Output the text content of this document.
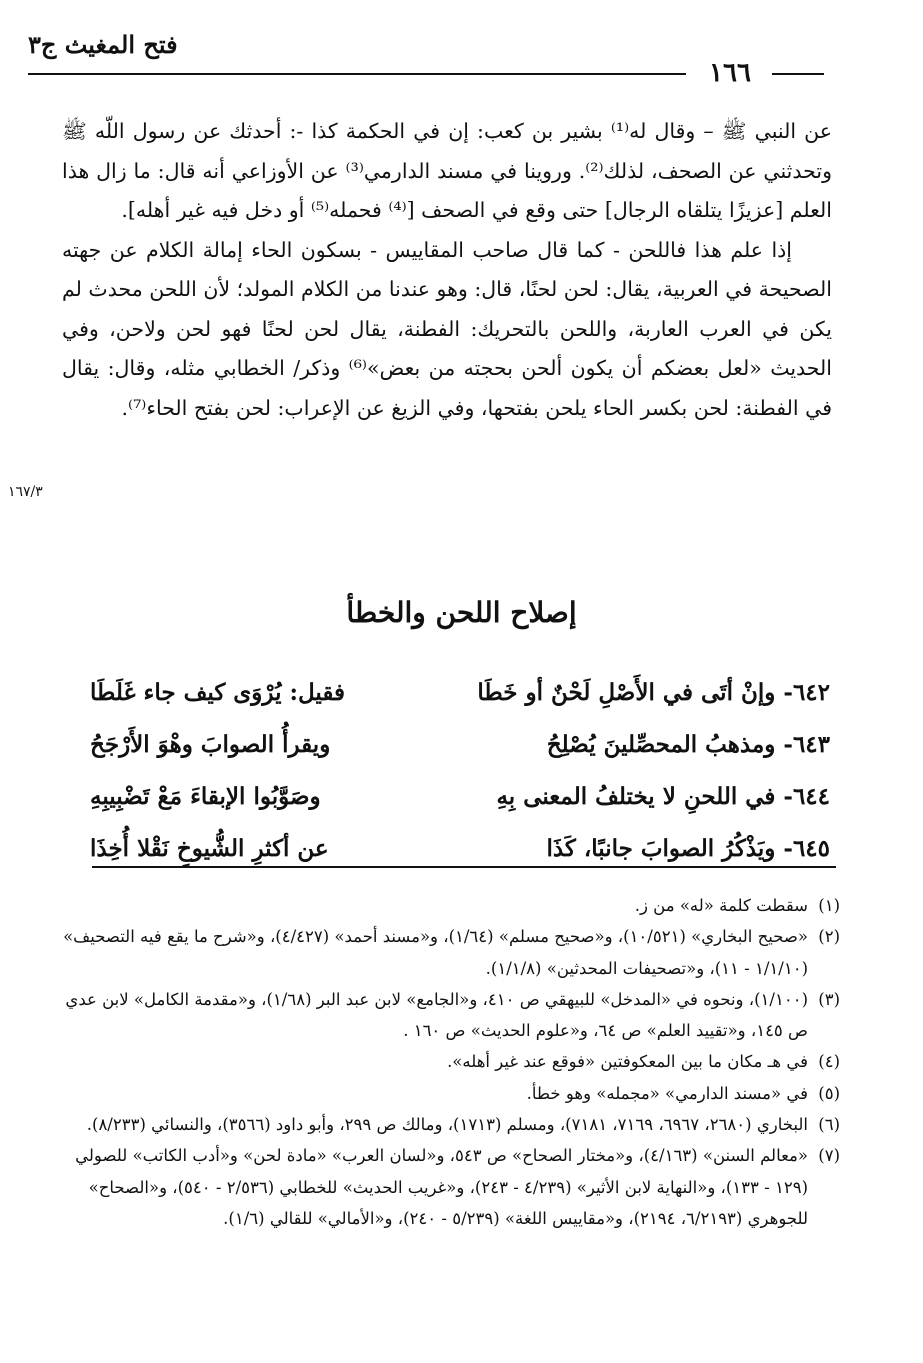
فتح المغيث ج٣
١٦٦

عن النبي ﷺ – وقال له⁽¹⁾ بشير بن كعب: إن في الحكمة كذا -: أحدثك عن رسول اللّه ﷺ وتحدثني عن الصحف، لذلك⁽²⁾. وروينا في مسند الدارمي⁽³⁾ عن الأوزاعي أنه قال: ما زال هذا العلم [عزيزًا يتلقاه الرجال] حتى وقع في الصحف [⁽⁴⁾ فحمله⁽⁵⁾ أو دخل فيه غير أهله].

إذا علم هذا فاللحن - كما قال صاحب المقاييس - بسكون الحاء إمالة الكلام عن جهته الصحيحة في العربية، يقال: لحن لحنًا، قال: وهو عندنا من الكلام المولد؛ لأن اللحن محدث لم يكن في العرب العاربة، واللحن بالتحريك: الفطنة، يقال لحن لحنًا فهو لحن ولاحن، وفي الحديث «لعل بعضكم أن يكون ألحن بحجته من بعض»⁽⁶⁾ وذكر/ الخطابي مثله، وقال: يقال في الفطنة: لحن بكسر الحاء يلحن بفتحها، وفي الزيغ عن الإعراب: لحن بفتح الحاء⁽⁷⁾.

١٦٧/٣
إصلاح اللحن والخطأ
٦٤٢- وإنْ أتَى في الأَصْلِ لَحْنٌ أو خَطَا
فقيل: يُرْوَى كيف جاء غَلَطَا
٦٤٣- ومذهبُ المحصِّلينَ يُصْلِحُ
ويقرأُ الصوابَ وهْوَ الأَرْجَحُ
٦٤٤- في اللحنِ لا يختلفُ المعنى بِهِ
وصَوَّبُوا الإبقاءَ مَعْ تَضْبِيبِهِ
٦٤٥- ويَذْكُرُ الصوابَ جانبًا، كَذَا
عن أكثرِ الشُّيوخِ نَقْلا أُخِذَا
(١)
سقطت كلمة «له» من ز.
(٢)
«صحيح البخاري» (١٠/٥٢١)، و«صحيح مسلم» (١/٦٤)، و«مسند أحمد» (٤/٤٢٧)، و«شرح ما يقع فيه التصحيف» (١/١/١٠ - ١١)، و«تصحيفات المحدثين» (١/١/٨).
(٣)
(١/١٠٠)، ونحوه في «المدخل» للبيهقي ص ٤١٠، و«الجامع» لابن عبد البر (١/٦٨)، و«مقدمة الكامل» لابن عدي ص ١٤٥، و«تقييد العلم» ص ٦٤، و«علوم الحديث» ص ١٦٠ .
(٤)
في هـ مكان ما بين المعكوفتين «فوقع عند غير أهله».
(٥)
في «مسند الدارمي» «مجمله» وهو خطأ.
(٦)
البخاري (٢٦٨٠، ٦٩٦٧، ٧١٦٩، ٧١٨١)، ومسلم (١٧١٣)، ومالك ص ٢٩٩، وأبو داود (٣٥٦٦)، والنسائي (٨/٢٣٣).
(٧)
«معالم السنن» (٤/١٦٣)، و«مختار الصحاح» ص ٥٤٣، و«لسان العرب» «مادة لحن» و«أدب الكاتب» للصولي (١٢٩ - ١٣٣)، و«النهاية لابن الأثير» (٤/٢٣٩ - ٢٤٣)، و«غريب الحديث» للخطابي (٢/٥٣٦ - ٥٤٠)، و«الصحاح» للجوهري (٦/٢١٩٣، ٢١٩٤)، و«مقاييس اللغة» (٥/٢٣٩ - ٢٤٠)، و«الأمالي» للقالي (١/٦).
